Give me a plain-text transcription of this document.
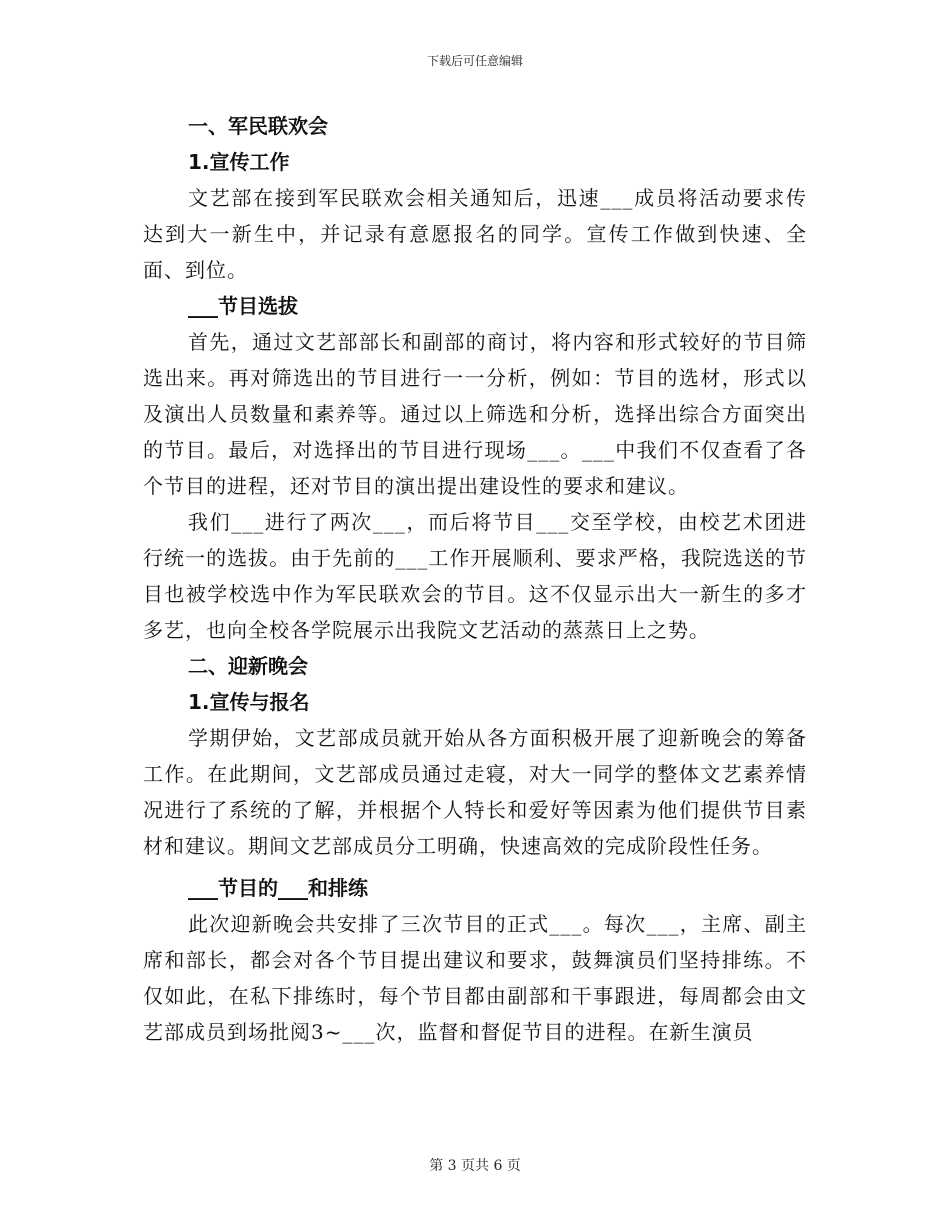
下载后可任意编辑
一、军民联欢会
1.宣传工作

文艺部在接到军民联欢会相关通知后，迅速___成员将活动要求传达到大一新生中，并记录有意愿报名的同学。宣传工作做到快速、全面、到位。

___节目选拔

首先，通过文艺部部长和副部的商讨，将内容和形式较好的节目筛选出来。再对筛选出的节目进行一一分析，例如：节目的选材，形式以及演出人员数量和素养等。通过以上筛选和分析，选择出综合方面突出的节目。最后，对选择出的节目进行现场___。___中我们不仅查看了各个节目的进程，还对节目的演出提出建设性的要求和建议。

我们___进行了两次___，而后将节目___交至学校，由校艺术团进行统一的选拔。由于先前的___工作开展顺利、要求严格，我院选送的节目也被学校选中作为军民联欢会的节目。这不仅显示出大一新生的多才多艺，也向全校各学院展示出我院文艺活动的蒸蒸日上之势。

二、迎新晚会
1.宣传与报名

学期伊始，文艺部成员就开始从各方面积极开展了迎新晚会的筹备工作。在此期间，文艺部成员通过走寝，对大一同学的整体文艺素养情况进行了系统的了解，并根据个人特长和爱好等因素为他们提供节目素材和建议。期间文艺部成员分工明确，快速高效的完成阶段性任务。

___节目的___和排练

此次迎新晚会共安排了三次节目的正式___。每次___，主席、副主席和部长，都会对各个节目提出建议和要求，鼓舞演员们坚持排练。不仅如此，在私下排练时，每个节目都由副部和干事跟进，每周都会由文艺部成员到场批阅3~___次，监督和督促节目的进程。在新生演员

第 3 页共 6 页
